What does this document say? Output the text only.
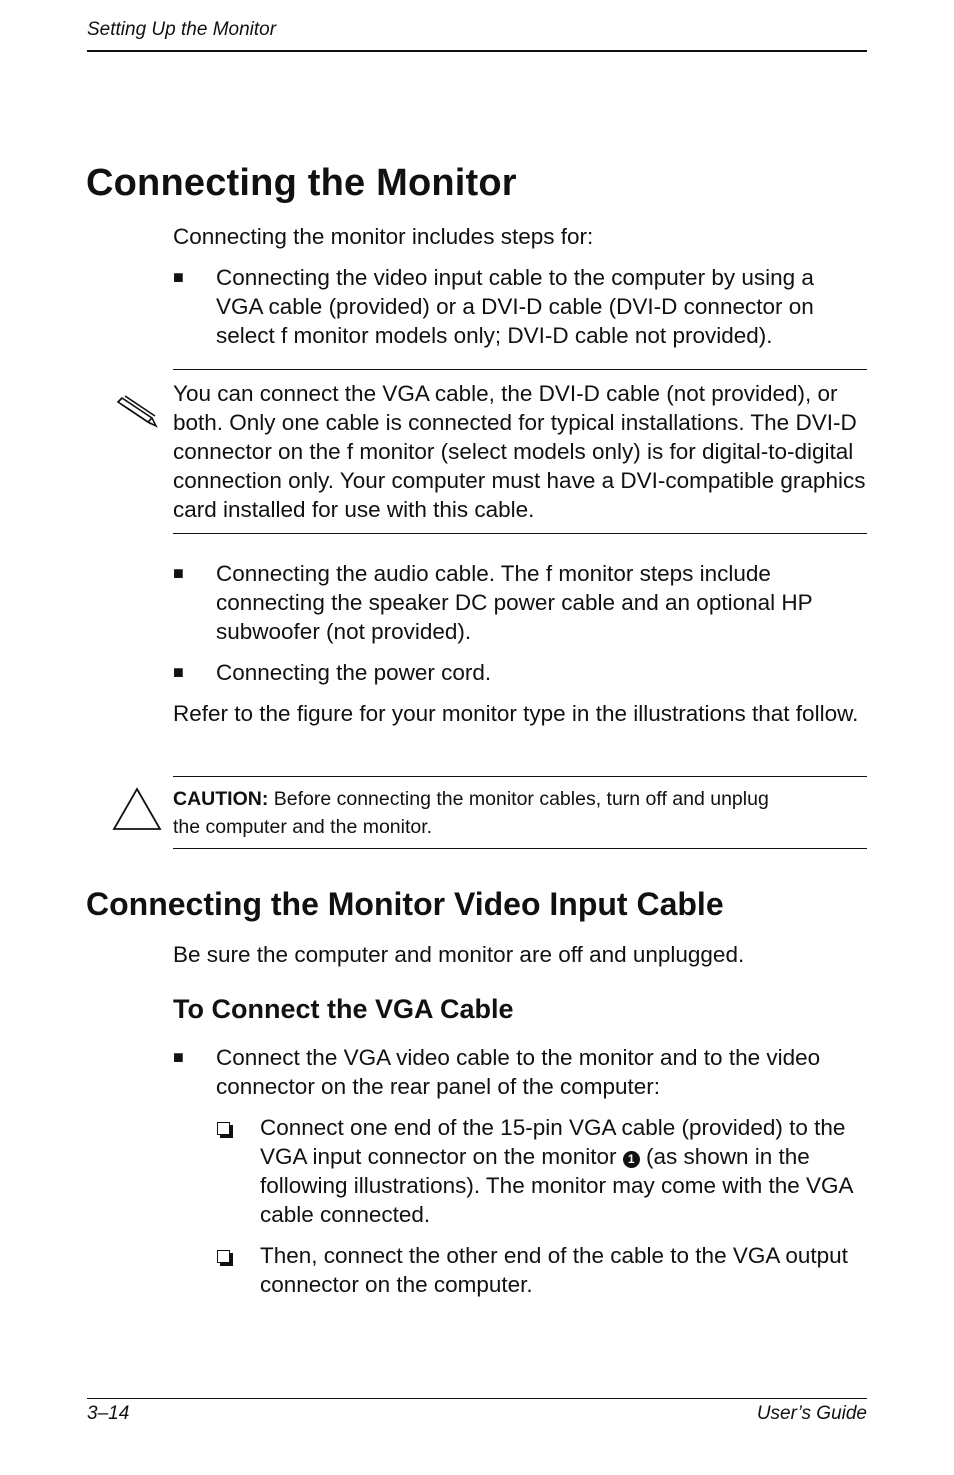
Setting Up the Monitor
Connecting the Monitor
Connecting the monitor includes steps for:
■	Connecting the video input cable to the computer by using a VGA cable (provided) or a DVI-D cable (DVI-D connector on select f monitor models only; DVI-D cable not provided).
You can connect the VGA cable, the DVI-D cable (not provided), or both. Only one cable is connected for typical installations. The DVI-D connector on the f monitor (select models only) is for digital-to-digital connection only. Your computer must have a DVI-compatible graphics card installed for use with this cable.
■	Connecting the audio cable. The f monitor steps include connecting the speaker DC power cable and an optional HP subwoofer (not provided).
■	Connecting the power cord.
Refer to the figure for your monitor type in the illustrations that follow.
CAUTION: Before connecting the monitor cables, turn off and unplug the computer and the monitor.
Connecting the Monitor Video Input Cable
Be sure the computer and monitor are off and unplugged.
To Connect the VGA Cable
■	Connect the VGA video cable to the monitor and to the video connector on the rear panel of the computer:
Connect one end of the 15-pin VGA cable (provided) to the VGA input connector on the monitor 1 (as shown in the following illustrations). The monitor may come with the VGA cable connected.
Then, connect the other end of the cable to the VGA output connector on the computer.
3–14	User’s Guide
